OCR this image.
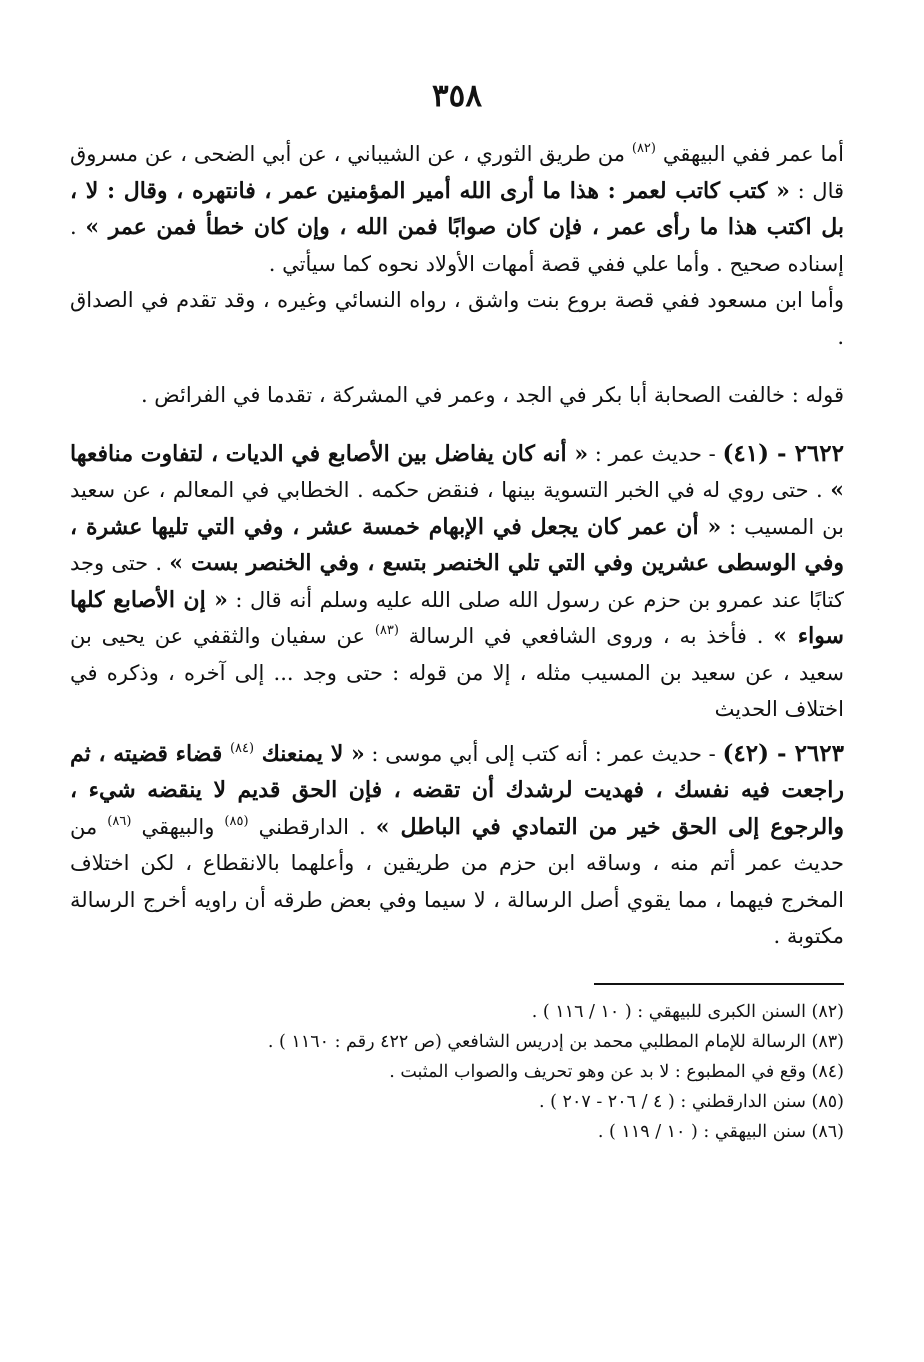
٣٥٨

أما عمر ففي البيهقي $^{(٨٢)}$ من طريق الثوري ، عن الشيباني ، عن أبي الضحى ، عن مسروق قال : « كتب كاتب لعمر : هذا ما أرى الله أمير المؤمنين عمر ، فانتهره ، وقال : لا ، بل اكتب هذا ما رأى عمر ، فإن كان صوابًا فمن الله ، وإن كان خطأ فمن عمر » . إسناده صحيح . وأما علي ففي قصة أمهات الأولاد نحوه كما سيأتي .

وأما ابن مسعود ففي قصة بروع بنت واشق ، رواه النسائي وغيره ، وقد تقدم في الصداق .

قوله : خالفت الصحابة أبا بكر في الجد ، وعمر في المشركة ، تقدما في الفرائض .

٢٦٢٢ - (٤١) - حديث عمر : « أنه كان يفاضل بين الأصابع في الديات ، لتفاوت منافعها » . حتى روي له في الخبر التسوية بينها ، فنقض حكمه . الخطابي في المعالم ، عن سعيد بن المسيب : « أن عمر كان يجعل في الإبهام خمسة عشر ، وفي التي تليها عشرة ، وفي الوسطى عشرين وفي التي تلي الخنصر بتسع ، وفي الخنصر بست » . حتى وجد كتابًا عند عمرو بن حزم عن رسول الله صلى الله عليه وسلم أنه قال : « إن الأصابع كلها سواء » . فأخذ به ، وروى الشافعي في الرسالة $^{(٨٣)}$ عن سفيان والثقفي عن يحيى بن سعيد ، عن سعيد بن المسيب مثله ، إلا من قوله : حتى وجد ... إلى آخره ، وذكره في اختلاف الحديث

٢٦٢٣ - (٤٢) - حديث عمر : أنه كتب إلى أبي موسى : « لا يمنعنك $^{(٨٤)}$ قضاء قضيته ، ثم راجعت فيه نفسك ، فهديت لرشدك أن تقضه ، فإن الحق قديم لا ينقضه شيء ، والرجوع إلى الحق خير من التمادي في الباطل » . الدارقطني $^{(٨٥)}$ والبيهقي $^{(٨٦)}$ من حديث عمر أتم منه ، وساقه ابن حزم من طريقين ، وأعلهما بالانقطاع ، لكن اختلاف المخرج فيهما ، مما يقوي أصل الرسالة ، لا سيما وفي بعض طرقه أن راويه أخرج الرسالة مكتوبة .

(٨٢) السنن الكبرى للبيهقي : ( ١٠ / ١١٦ ) .
(٨٣) الرسالة للإمام المطلبي محمد بن إدريس الشافعي (ص ٤٢٢ رقم : ١١٦٠ ) .
(٨٤) وقع في المطبوع : لا بد عن وهو تحريف والصواب المثبت .
(٨٥) سنن الدارقطني : ( ٤ / ٢٠٦ - ٢٠٧ ) .
(٨٦) سنن البيهقي : ( ١٠ / ١١٩ ) .
